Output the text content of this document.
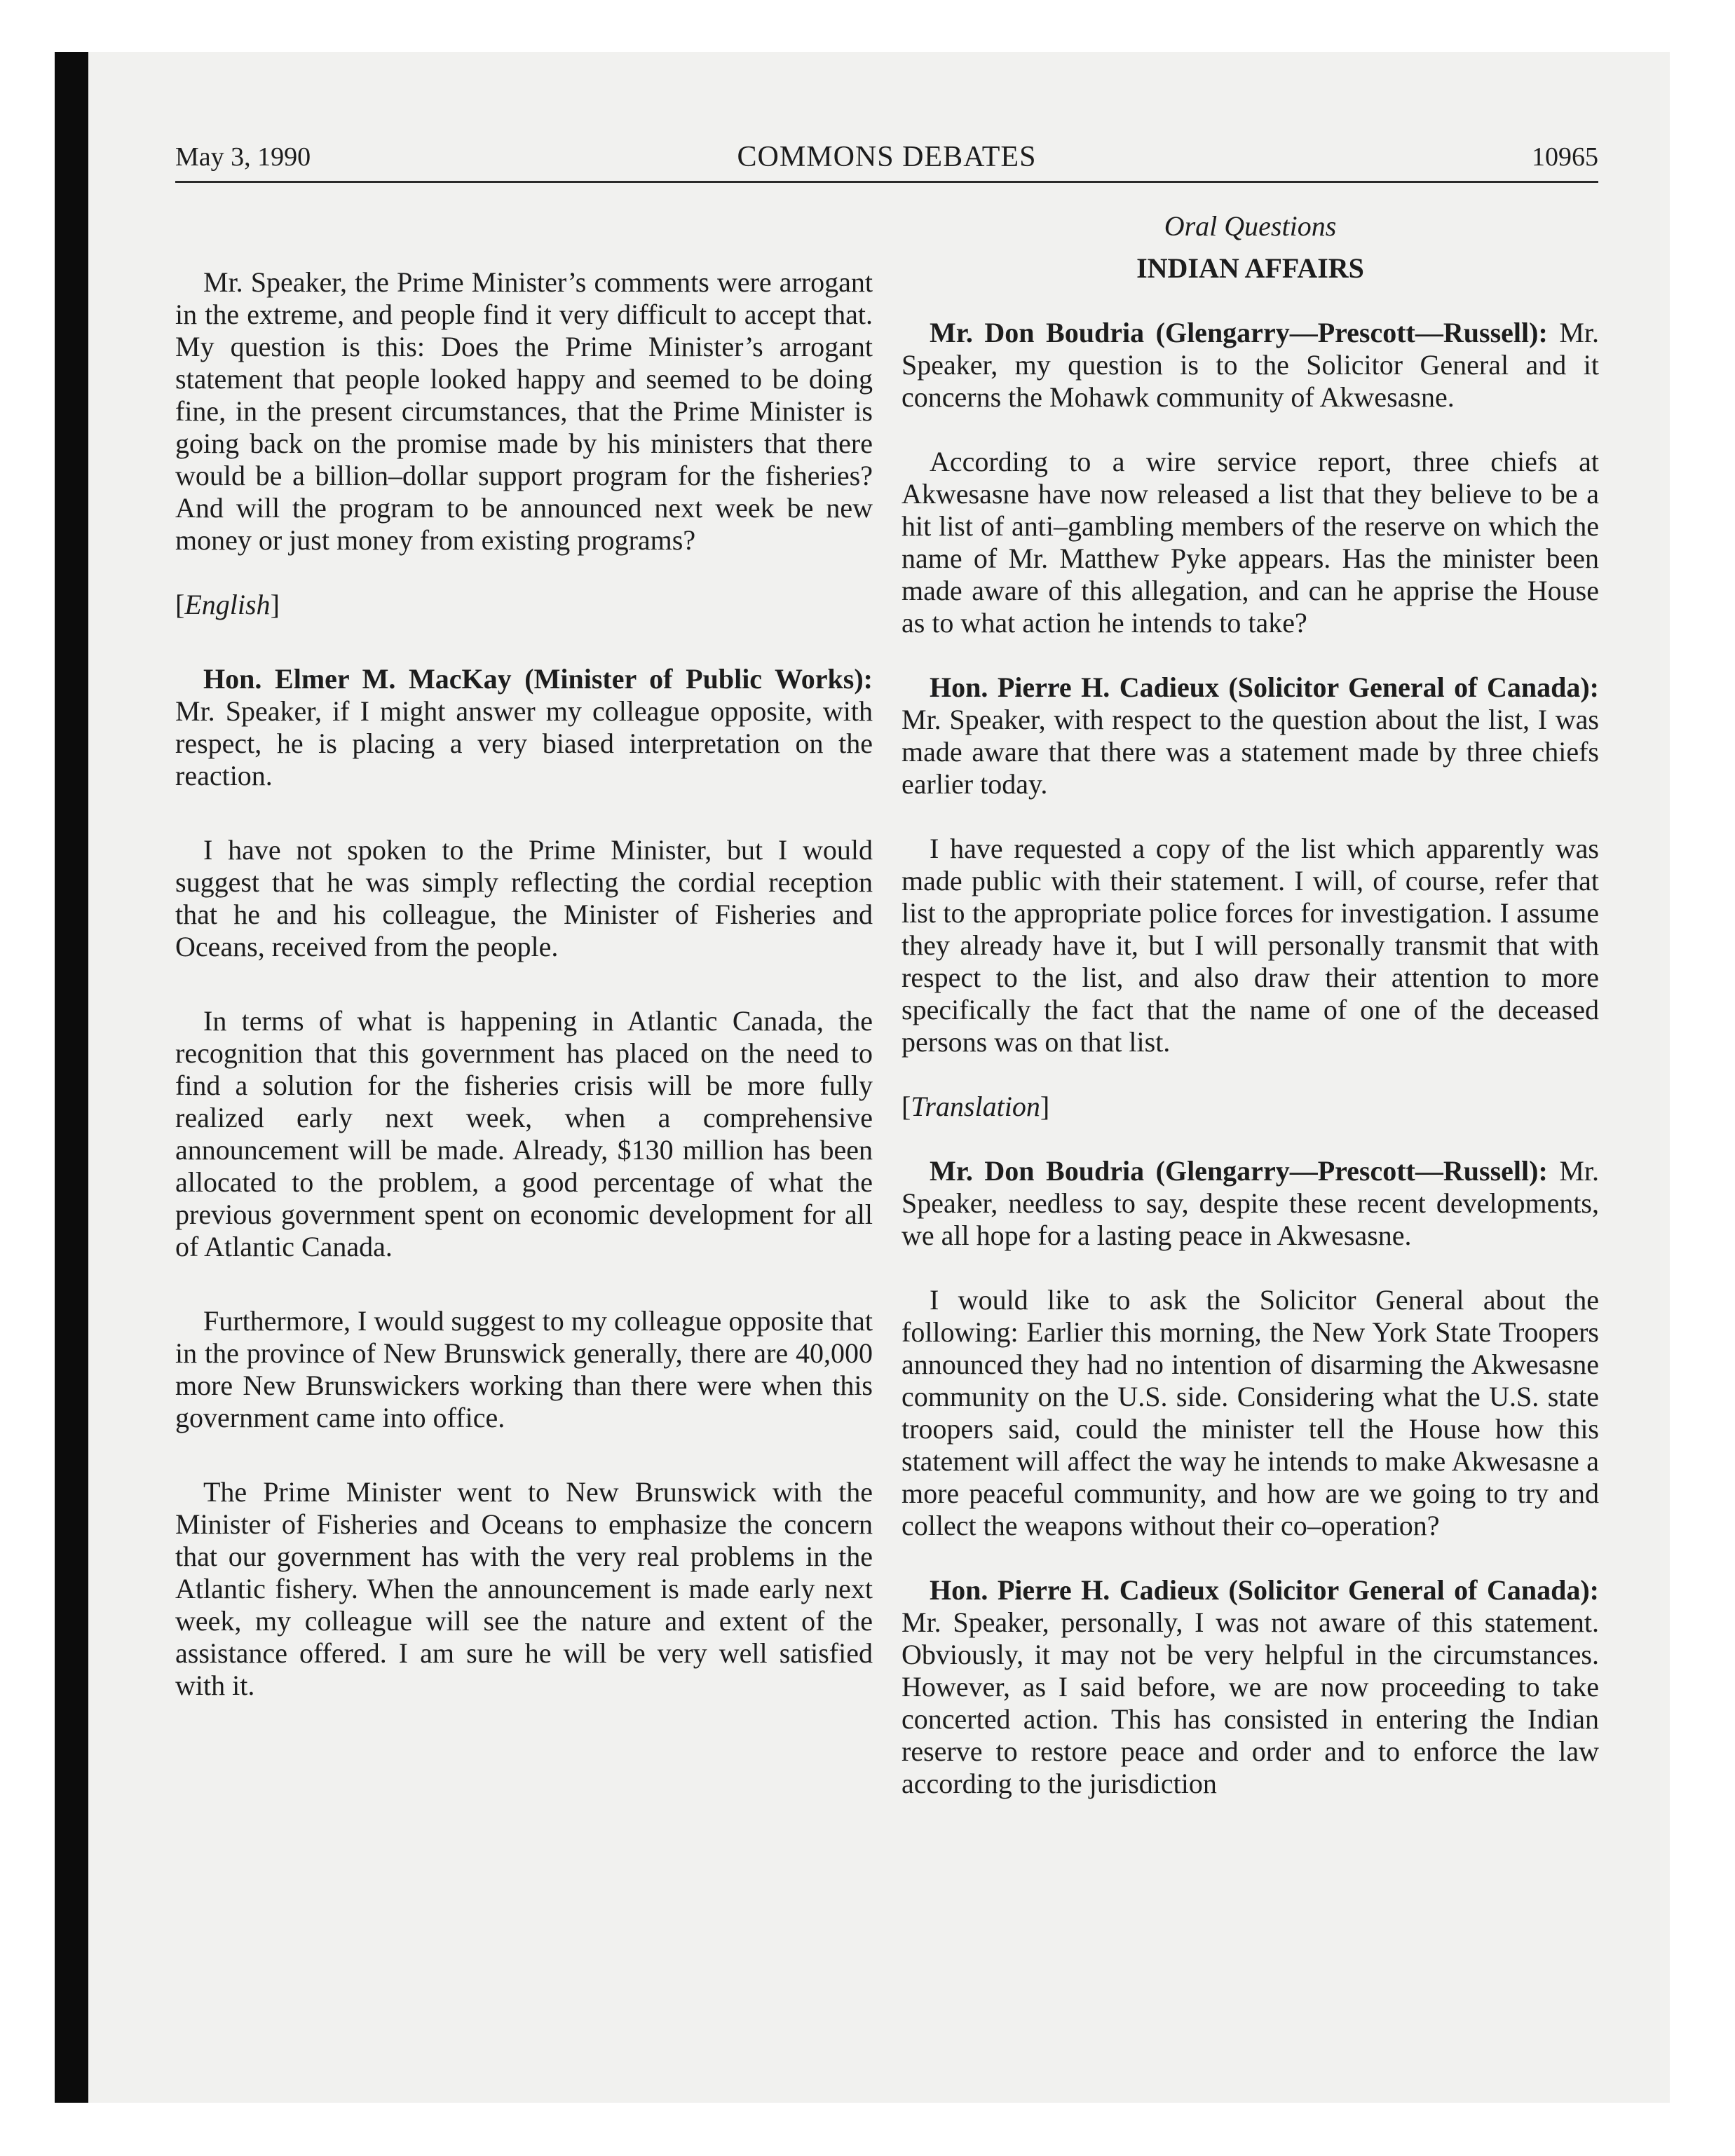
May 3, 1990	COMMONS DEBATES	10965

Mr. Speaker, the Prime Minister’s comments were arrogant in the extreme, and people find it very difficult to accept that. My question is this: Does the Prime Minister’s arrogant statement that people looked happy and seemed to be doing fine, in the present circumstances, that the Prime Minister is going back on the promise made by his ministers that there would be a billion–dollar support program for the fisheries? And will the program to be announced next week be new money or just money from existing programs?

[English]

Hon. Elmer M. MacKay (Minister of Public Works): Mr. Speaker, if I might answer my colleague opposite, with respect, he is placing a very biased interpretation on the reaction.

I have not spoken to the Prime Minister, but I would suggest that he was simply reflecting the cordial reception that he and his colleague, the Minister of Fisheries and Oceans, received from the people.

In terms of what is happening in Atlantic Canada, the recognition that this government has placed on the need to find a solution for the fisheries crisis will be more fully realized early next week, when a comprehensive announcement will be made. Already, $130 million has been allocated to the problem, a good percentage of what the previous government spent on economic development for all of Atlantic Canada.

Furthermore, I would suggest to my colleague opposite that in the province of New Brunswick generally, there are 40,000 more New Brunswickers working than there were when this government came into office.

The Prime Minister went to New Brunswick with the Minister of Fisheries and Oceans to emphasize the concern that our government has with the very real problems in the Atlantic fishery. When the announcement is made early next week, my colleague will see the nature and extent of the assistance offered. I am sure he will be very well satisfied with it.

Oral Questions
INDIAN AFFAIRS

Mr. Don Boudria (Glengarry—Prescott—Russell): Mr. Speaker, my question is to the Solicitor General and it concerns the Mohawk community of Akwesasne.

According to a wire service report, three chiefs at Akwesasne have now released a list that they believe to be a hit list of anti–gambling members of the reserve on which the name of Mr. Matthew Pyke appears. Has the minister been made aware of this allegation, and can he apprise the House as to what action he intends to take?

Hon. Pierre H. Cadieux (Solicitor General of Canada): Mr. Speaker, with respect to the question about the list, I was made aware that there was a statement made by three chiefs earlier today.

I have requested a copy of the list which apparently was made public with their statement. I will, of course, refer that list to the appropriate police forces for investigation. I assume they already have it, but I will personally transmit that with respect to the list, and also draw their attention to more specifically the fact that the name of one of the deceased persons was on that list.

[Translation]

Mr. Don Boudria (Glengarry—Prescott—Russell): Mr. Speaker, needless to say, despite these recent developments, we all hope for a lasting peace in Akwesasne.

I would like to ask the Solicitor General about the following: Earlier this morning, the New York State Troopers announced they had no intention of disarming the Akwesasne community on the U.S. side. Considering what the U.S. state troopers said, could the minister tell the House how this statement will affect the way he intends to make Akwesasne a more peaceful community, and how are we going to try and collect the weapons without their co–operation?

Hon. Pierre H. Cadieux (Solicitor General of Canada): Mr. Speaker, personally, I was not aware of this statement. Obviously, it may not be very helpful in the circumstances. However, as I said before, we are now proceeding to take concerted action. This has consisted in entering the Indian reserve to restore peace and order and to enforce the law according to the jurisdiction
